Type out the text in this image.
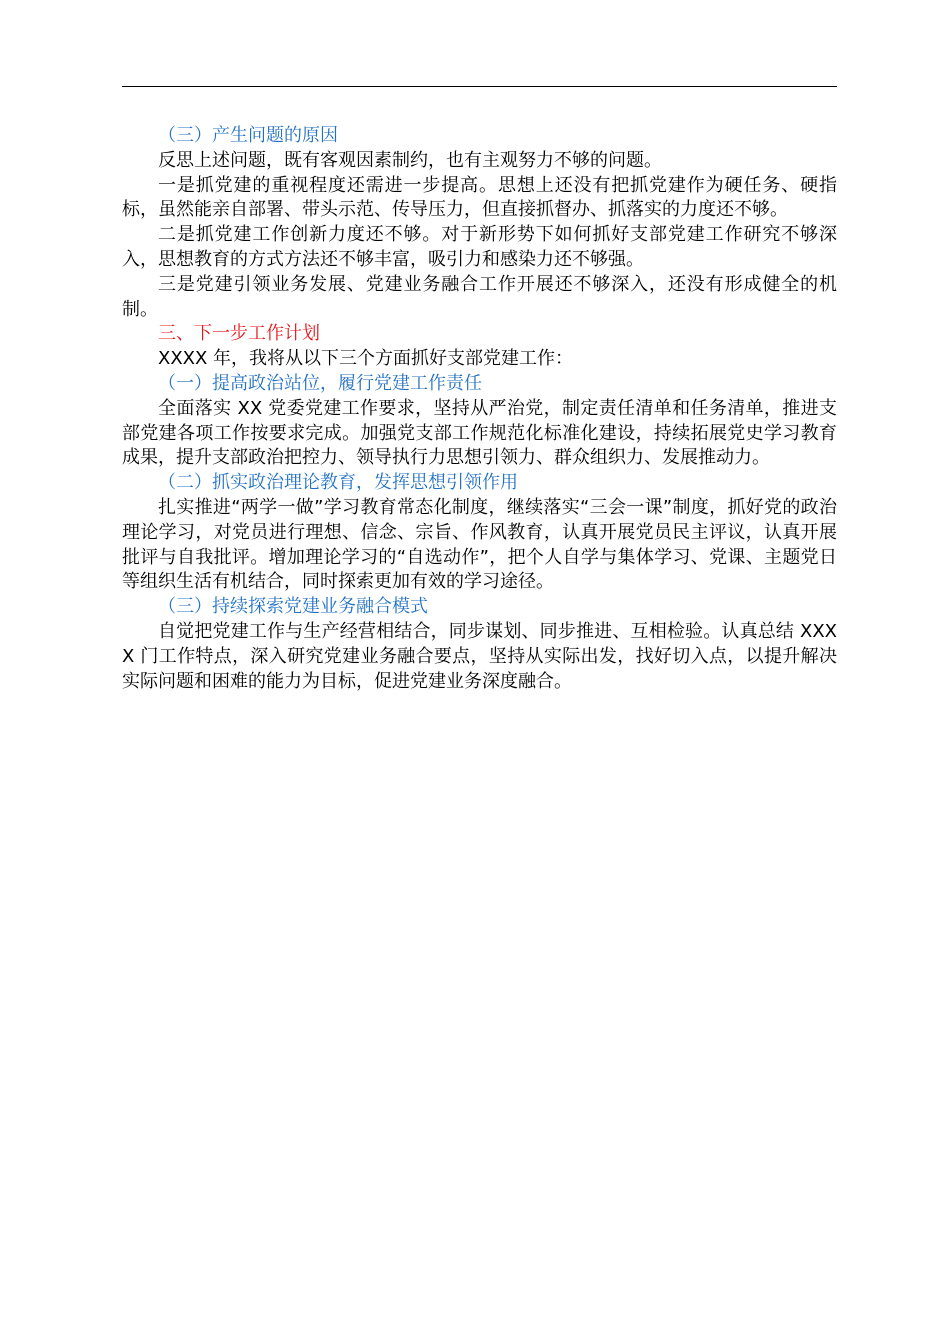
（三）产生问题的原因

反思上述问题，既有客观因素制约，也有主观努力不够的问题。

一是抓党建的重视程度还需进一步提高。思想上还没有把抓党建作为硬任务、硬指标，虽然能亲自部署、带头示范、传导压力，但直接抓督办、抓落实的力度还不够。

二是抓党建工作创新力度还不够。对于新形势下如何抓好支部党建工作研究不够深入，思想教育的方式方法还不够丰富，吸引力和感染力还不够强。

三是党建引领业务发展、党建业务融合工作开展还不够深入，还没有形成健全的机制。

三、下一步工作计划

XXXX 年，我将从以下三个方面抓好支部党建工作：

（一）提高政治站位，履行党建工作责任

全面落实 XX 党委党建工作要求，坚持从严治党，制定责任清单和任务清单，推进支部党建各项工作按要求完成。加强党支部工作规范化标准化建设，持续拓展党史学习教育成果，提升支部政治把控力、领导执行力思想引领力、群众组织力、发展推动力。

（二）抓实政治理论教育，发挥思想引领作用

扎实推进“两学一做”学习教育常态化制度，继续落实“三会一课”制度，抓好党的政治理论学习，对党员进行理想、信念、宗旨、作风教育，认真开展党员民主评议，认真开展批评与自我批评。增加理论学习的“自选动作”，把个人自学与集体学习、党课、主题党日等组织生活有机结合，同时探索更加有效的学习途径。

（三）持续探索党建业务融合模式

自觉把党建工作与生产经营相结合，同步谋划、同步推进、互相检验。认真总结 XXXX 门工作特点，深入研究党建业务融合要点，坚持从实际出发，找好切入点，以提升解决实际问题和困难的能力为目标，促进党建业务深度融合。
